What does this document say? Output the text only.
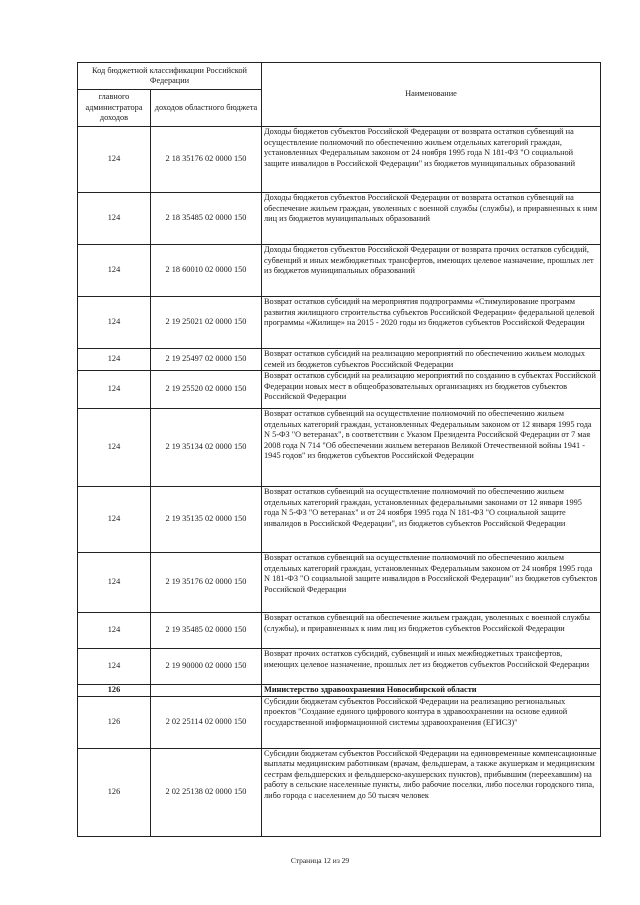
Код бюджетной классификации Российской Федерации		Наименование
главного администратора доходов	доходов областного бюджета	
124	2 18 35176 02 0000 150	Доходы бюджетов субъектов Российской Федерации от возврата остатков субвенций на осуществление полномочий по обеспечению жильем отдельных категорий граждан, установленных Федеральным законом от 24 ноября 1995 года N 181-ФЗ "О социальной защите инвалидов в Российской Федерации" из бюджетов муниципальных образований
124	2 18 35485 02 0000 150	Доходы бюджетов субъектов Российской Федерации от возврата остатков субвенций на обеспечение жильем граждан, уволенных с военной службы (службы), и приравненных к ним лиц из бюджетов муниципальных образований
124	2 18 60010 02 0000 150	Доходы бюджетов субъектов Российской Федерации от возврата прочих остатков субсидий, субвенций и иных межбюджетных трансфертов, имеющих целевое назначение, прошлых лет из бюджетов муниципальных образований
124	2 19 25021 02 0000 150	Возврат остатков субсидий на мероприятия подпрограммы «Стимулирование программ развития жилищного строительства субъектов Российской Федерации» федеральной целевой программы «Жилище» на 2015 - 2020 годы из бюджетов субъектов Российской Федерации
124	2 19 25497 02 0000 150	Возврат остатков субсидий на реализацию мероприятий по обеспечению жильем молодых семей из бюджетов субъектов Российской Федерации
124	2 19 25520 02 0000 150	Возврат остатков субсидий на реализацию мероприятий по созданию в субъектах Российской Федерации новых мест в общеобразовательных организациях из бюджетов субъектов Российской Федерации
124	2 19 35134 02 0000 150	Возврат остатков субвенций на осуществление полномочий по обеспечению жильем отдельных категорий граждан, установленных Федеральным законом от 12 января 1995 года N 5-ФЗ "О ветеранах", в соответствии с Указом Президента Российской Федерации от 7 мая 2008 года N 714 "Об обеспечении жильем ветеранов Великой Отечественной войны 1941 - 1945 годов" из бюджетов субъектов Российской Федерации
124	2 19 35135 02 0000 150	Возврат остатков субвенций на осуществление полномочий по обеспечению жильем отдельных категорий граждан, установленных федеральными законами от 12 января 1995 года N 5-ФЗ "О ветеранах" и от 24 ноября 1995 года N 181-ФЗ "О социальной защите инвалидов в Российской Федерации", из бюджетов субъектов Российской Федерации
124	2 19 35176 02 0000 150	Возврат остатков субвенций на осуществление полномочий по обеспечению жильем отдельных категорий граждан, установленных Федеральным законом от 24 ноября 1995 года N 181-ФЗ "О социальной защите инвалидов в Российской Федерации" из бюджетов субъектов Российской Федерации
124	2 19 35485 02 0000 150	Возврат остатков субвенций на обеспечение жильем граждан, уволенных с военной службы (службы), и приравненных к ним лиц из бюджетов субъектов Российской Федерации
124	2 19 90000 02 0000 150	Возврат прочих остатков субсидий, субвенций и иных межбюджетных трансфертов, имеющих целевое назначение, прошлых лет из бюджетов субъектов Российской Федерации
126		Министерство здравоохранения Новосибирской области
126	2 02 25114 02 0000 150	Субсидии бюджетам субъектов Российской Федерации на реализацию региональных проектов "Создание единого цифрового контура в здравоохранении на основе единой государственной информационной системы здравоохранения (ЕГИСЗ)"
126	2 02 25138 02 0000 150	Субсидии бюджетам субъектов Российской Федерации на единовременные компенсационные выплаты медицинским работникам (врачам, фельдшерам, а также акушеркам и медицинским сестрам фельдшерских и фельдшерско-акушерских пунктов), прибывшим (переехавшим) на работу в сельские населенные пункты, либо рабочие поселки, либо поселки городского типа, либо города с населением до 50 тысяч человек
Страница 12 из 29
